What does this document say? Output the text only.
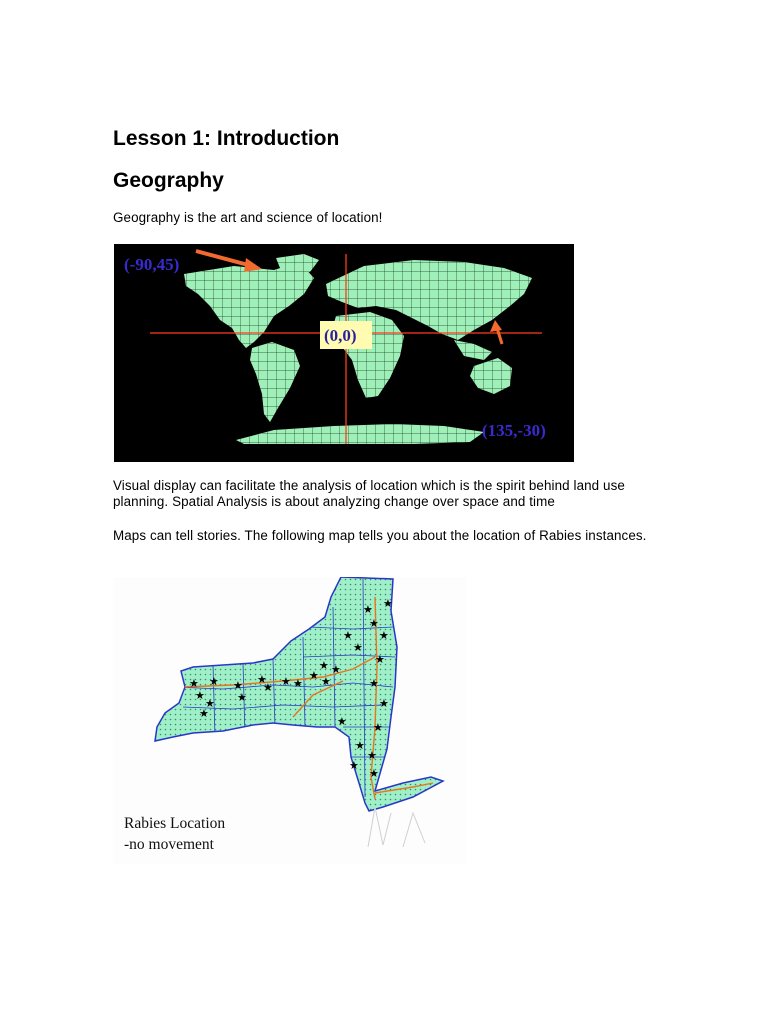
Lesson 1: Introduction
Geography
Geography is the art and science of location!
(-90,45)
(0,0)
(135,-30)
Visual display can facilitate the analysis of location which is the spirit behind land use planning. Spatial Analysis is about analyzing change over space and time
Maps can tell stories. The following map tells you about the location of Rabies instances.
★ ★
★
★
★
★
★
★ ★
★
★
★
★
★
★
★
★
★
★
★
★
★	★
★
★ ★
★
★
★
★
Rabies Location
-no movement
